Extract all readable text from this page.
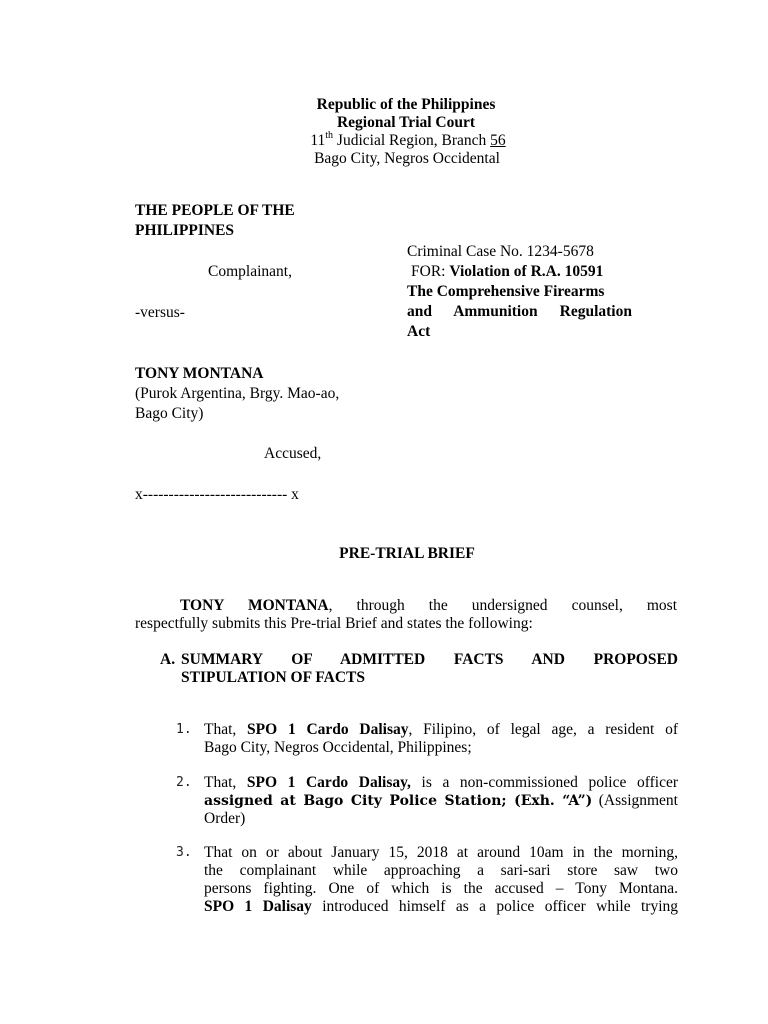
Republic of the Philippines
Regional Trial Court
11th Judicial Region, Branch 56
Bago City, Negros Occidental
THE PEOPLE OF THE
PHILIPPINES
Complainant,
-versus-
TONY MONTANA
(Purok Argentina, Brgy. Mao-ao,
Bago City)
Accused,
x---------------------------- x
Criminal Case No. 1234-5678
FOR: Violation of R.A. 10591
The Comprehensive Firearms
and Ammunition Regulation
Act
PRE-TRIAL BRIEF
TONY MONTANA, through the undersigned counsel, most
respectfully submits this Pre-trial Brief and states the following:
A. SUMMARY OF ADMITTED FACTS AND PROPOSED
STIPULATION OF FACTS
1. That, SPO 1 Cardo Dalisay, Filipino, of legal age, a resident of
Bago City, Negros Occidental, Philippines;
2. That, SPO 1 Cardo Dalisay, is a non-commissioned police officer
assigned at Bago City Police Station; (Exh. “A”) (Assignment
Order)
3. That on or about January 15, 2018 at around 10am in the morning,
the complainant while approaching a sari-sari store saw two
persons fighting. One of which is the accused – Tony Montana.
SPO 1 Dalisay introduced himself as a police officer while trying
